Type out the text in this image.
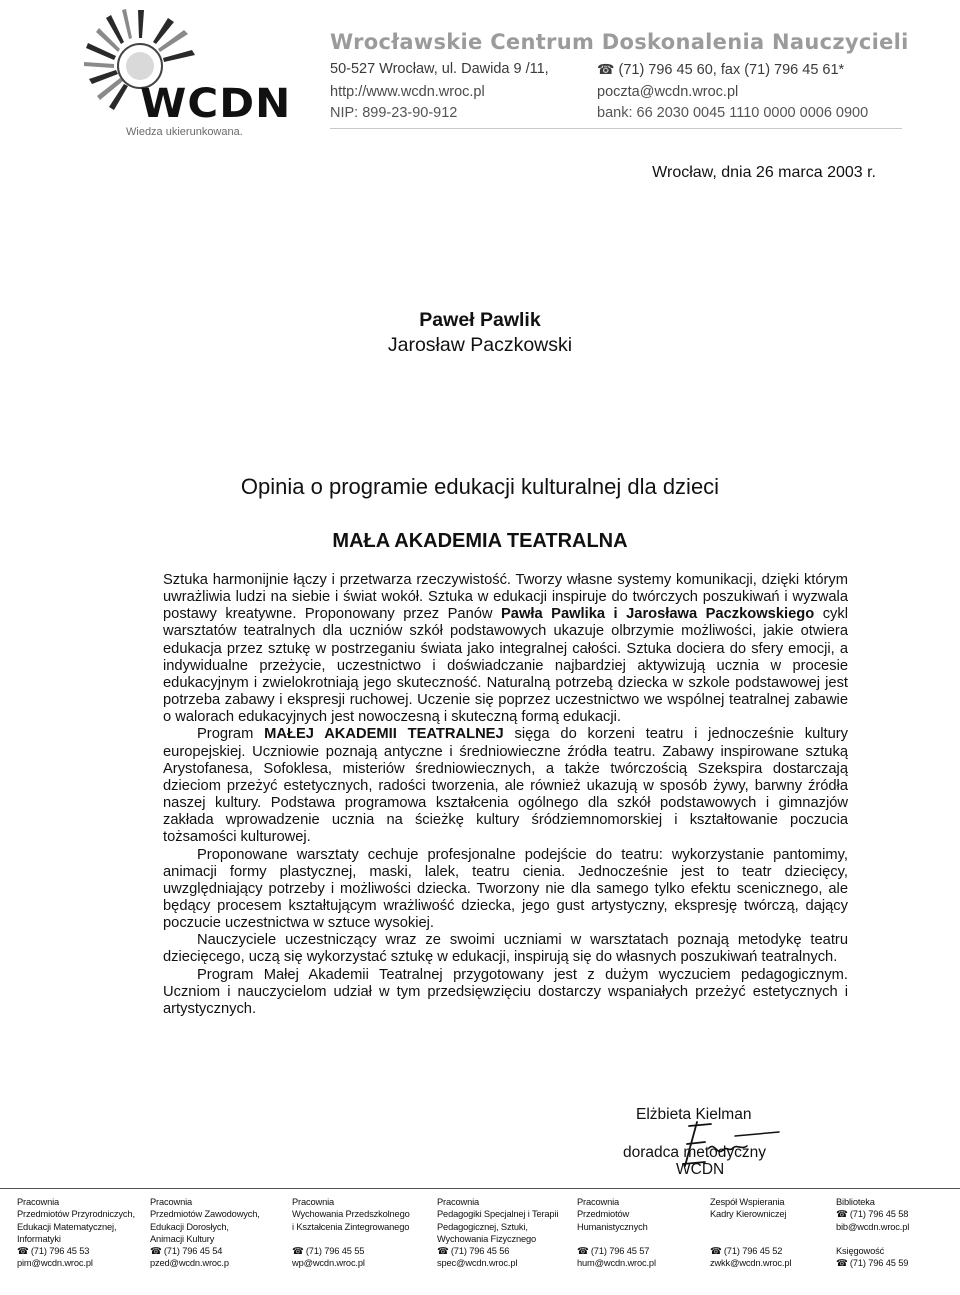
WCDN
Wiedza ukierunkowana.
Wrocławskie Centrum Doskonalenia Nauczycieli
50-527 Wrocław, ul. Dawida 9 /11,
http://www.wcdn.wroc.pl
NIP: 899-23-90-912
☎ (71) 796 45 60, fax (71) 796 45 61*
poczta@wcdn.wroc.pl
bank: 66 2030 0045 1110 0000 0006 0900
Wrocław, dnia 26 marca 2003 r.
Paweł Pawlik
Jarosław Paczkowski
Opinia o programie edukacji kulturalnej dla dzieci
MAŁA AKADEMIA TEATRALNA

Sztuka harmonijnie łączy i przetwarza rzeczywistość. Tworzy własne systemy komunikacji, dzięki którym uwrażliwia ludzi na siebie i świat wokół. Sztuka w edukacji inspiruje do twórczych poszukiwań i wyzwala postawy kreatywne. Proponowany przez Panów Pawła Pawlika i Jarosława Paczkowskiego cykl warsztatów teatralnych dla uczniów szkół podstawowych ukazuje olbrzymie możliwości, jakie otwiera edukacja przez sztukę w postrzeganiu świata jako integralnej całości. Sztuka dociera do sfery emocji, a indywidualne przeżycie, uczestnictwo i doświadczanie najbardziej aktywizują ucznia w procesie edukacyjnym i zwielokrotniają jego skuteczność. Naturalną potrzebą dziecka w szkole podstawowej jest potrzeba zabawy i ekspresji ruchowej. Uczenie się poprzez uczestnictwo we wspólnej teatralnej zabawie o walorach edukacyjnych jest nowoczesną i skuteczną formą edukacji.

Program MAŁEJ AKADEMII TEATRALNEJ sięga do korzeni teatru i jednocześnie kultury europejskiej. Uczniowie poznają antyczne i średniowieczne źródła teatru. Zabawy inspirowane sztuką Arystofanesa, Sofoklesa, misteriów średniowiecznych, a także twórczością Szekspira dostarczają dzieciom przeżyć estetycznych, radości tworzenia, ale również ukazują w sposób żywy, barwny źródła naszej kultury. Podstawa programowa kształcenia ogólnego dla szkół podstawowych i gimnazjów zakłada wprowadzenie ucznia na ścieżkę kultury śródziemnomorskiej i kształtowanie poczucia tożsamości kulturowej.

Proponowane warsztaty cechuje profesjonalne podejście do teatru: wykorzystanie pantomimy, animacji formy plastycznej, maski, lalek, teatru cienia. Jednocześnie jest to teatr dziecięcy, uwzględniający potrzeby i możliwości dziecka. Tworzony nie dla samego tylko efektu scenicznego, ale będący procesem kształtującym wrażliwość dziecka, jego gust artystyczny, ekspresję twórczą, dający poczucie uczestnictwa w sztuce wysokiej.

Nauczyciele uczestniczący wraz ze swoimi uczniami w warsztatach poznają metodykę teatru dziecięcego, uczą się wykorzystać sztukę w edukacji, inspirują się do własnych poszukiwań teatralnych.

Program Małej Akademii Teatralnej przygotowany jest z dużym wyczuciem pedagogicznym. Uczniom i nauczycielom udział w tym przedsięwzięciu dostarczy wspaniałych przeżyć estetycznych i artystycznych.

Elżbieta Kielman
doradca metodyczny
WCDN
Pracownia
Przedmiotów Przyrodniczych,
Edukacji Matematycznej,
Informatyki
☎ (71) 796 45 53
pim@wcdn.wroc.pl
Pracownia
Przedmiotów Zawodowych,
Edukacji Dorosłych,
Animacji Kultury
☎ (71) 796 45 54
pzed@wcdn.wroc.p
Pracownia
Wychowania Przedszkolnego
i Kształcenia Zintegrowanego
☎ (71) 796 45 55
wp@wcdn.wroc.pl
Pracownia
Pedagogiki Specjalnej i Terapii
Pedagogicznej, Sztuki,
Wychowania Fizycznego
☎ (71) 796 45 56
spec@wcdn.wroc.pl
Pracownia
Przedmiotów
Humanistycznych
☎ (71) 796 45 57
hum@wcdn.wroc.pl
Zespół Wspierania
Kadry Kierowniczej
☎ (71) 796 45 52
zwkk@wcdn.wroc.pl
Biblioteka
☎ (71) 796 45 58
bib@wcdn.wroc.pl
Księgowość
☎ (71) 796 45 59
